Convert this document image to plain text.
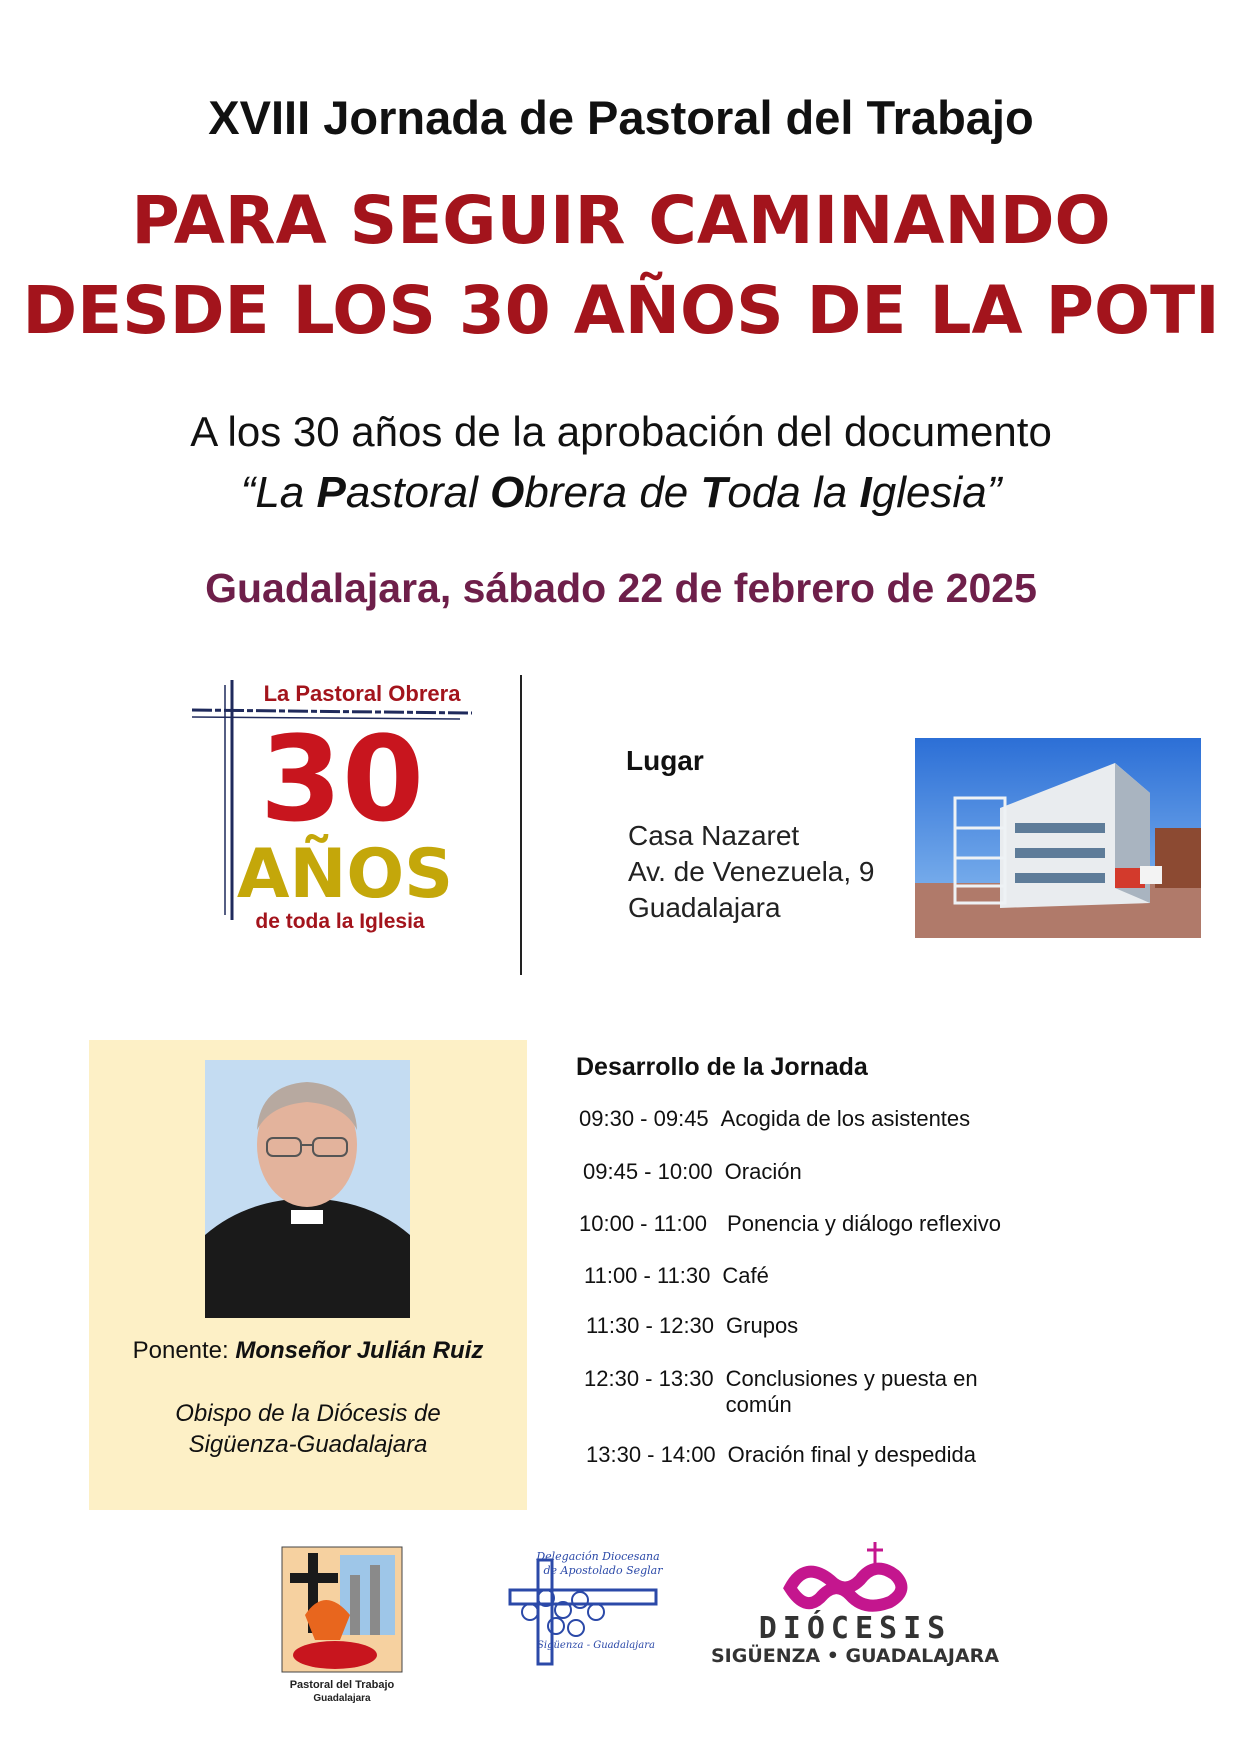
XVIII Jornada de Pastoral del Trabajo
PARA SEGUIR CAMINANDO
DESDE LOS 30 AÑOS DE LA POTI
A los 30 años de la aprobación del documento
“La Pastoral Obrera de Toda la Iglesia”
Guadalajara, sábado 22 de febrero de 2025
La Pastoral Obrera
30
AÑOS
de toda la Iglesia
Lugar
Casa Nazaret
Av. de Venezuela, 9
Guadalajara
Ponente: Monseñor Julián Ruiz
Obispo de la Diócesis de
Sigüenza-Guadalajara
Desarrollo de la Jornada
09:30 - 09:45 Acogida de los asistentes
09:45 - 10:00 Oración
10:00 - 11:00 Ponencia y diálogo reflexivo
11:00 - 11:30 Café
11:30 - 12:30 Grupos
12:30 - 13:30 Conclusiones y puesta en común
13:30 - 14:00 Oración final y despedida
Pastoral del Trabajo
Guadalajara
Delegación Diocesana
de Apostolado Seglar
Sigüenza - Guadalajara	DIÓCESIS
SIGÜENZA • GUADALAJARA
